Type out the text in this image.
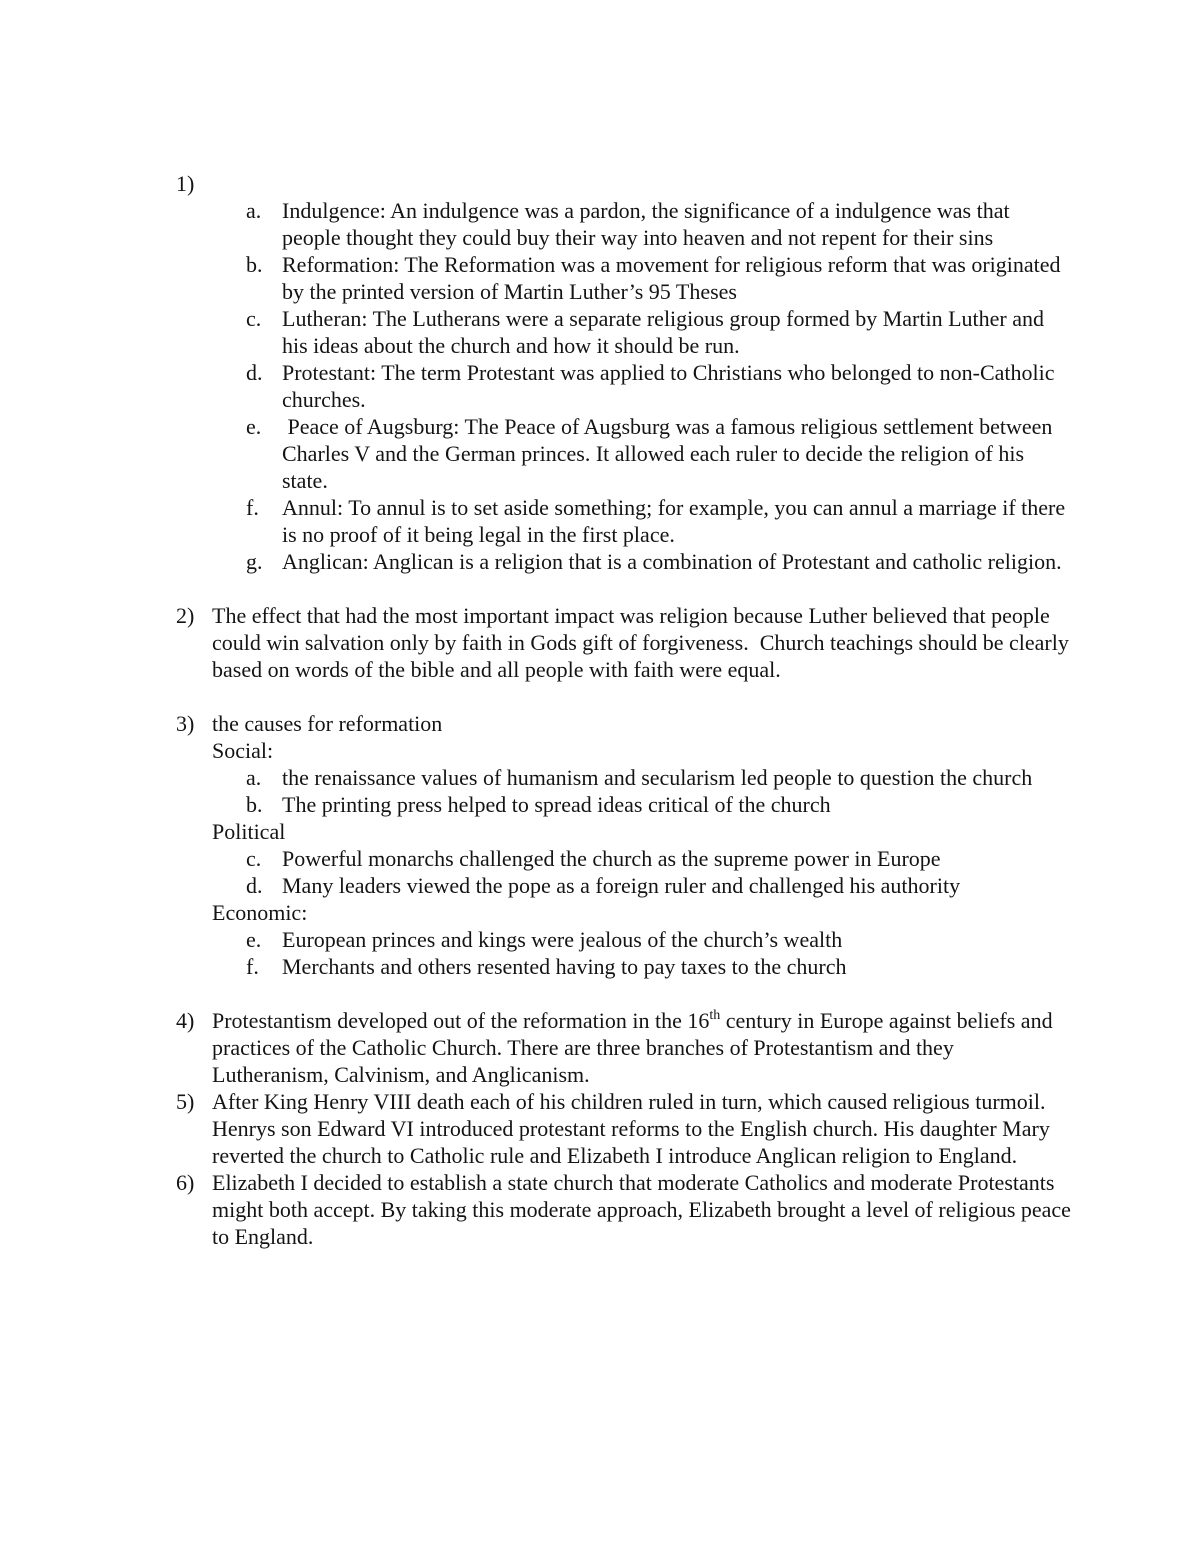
1)
a. Indulgence: An indulgence was a pardon, the significance of a indulgence was that people thought they could buy their way into heaven and not repent for their sins
b. Reformation: The Reformation was a movement for religious reform that was originated by the printed version of Martin Luther’s 95 Theses
c. Lutheran: The Lutherans were a separate religious group formed by Martin Luther and his ideas about the church and how it should be run.
d. Protestant: The term Protestant was applied to Christians who belonged to non-Catholic churches.
e. Peace of Augsburg: The Peace of Augsburg was a famous religious settlement between Charles V and the German princes. It allowed each ruler to decide the religion of his state.
f. Annul: To annul is to set aside something; for example, you can annul a marriage if there is no proof of it being legal in the first place.
g. Anglican: Anglican is a religion that is a combination of Protestant and catholic religion.
2) The effect that had the most important impact was religion because Luther believed that people could win salvation only by faith in Gods gift of forgiveness.  Church teachings should be clearly based on words of the bible and all people with faith were equal.
3) the causes for reformation
Social:
a. the renaissance values of humanism and secularism led people to question the church
b. The printing press helped to spread ideas critical of the church
Political
c. Powerful monarchs challenged the church as the supreme power in Europe
d. Many leaders viewed the pope as a foreign ruler and challenged his authority
Economic:
e. European princes and kings were jealous of the church’s wealth
f. Merchants and others resented having to pay taxes to the church
4) Protestantism developed out of the reformation in the 16th century in Europe against beliefs and practices of the Catholic Church. There are three branches of Protestantism and they Lutheranism, Calvinism, and Anglicanism.
5) After King Henry VIII death each of his children ruled in turn, which caused religious turmoil. Henrys son Edward VI introduced protestant reforms to the English church. His daughter Mary reverted the church to Catholic rule and Elizabeth I introduce Anglican religion to England.
6) Elizabeth I decided to establish a state church that moderate Catholics and moderate Protestants might both accept. By taking this moderate approach, Elizabeth brought a level of religious peace to England.
